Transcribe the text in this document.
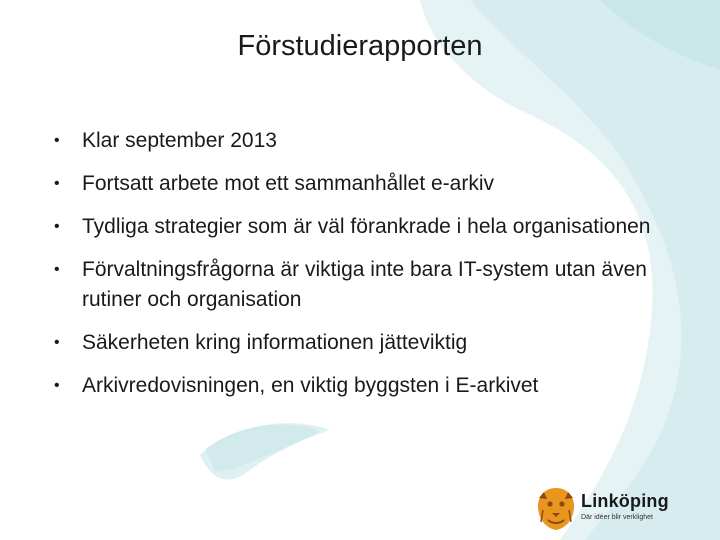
Förstudierapporten
• Klar september 2013
• Fortsatt arbete mot ett sammanhållet e-arkiv
• Tydliga strategier som är väl förankrade i hela organisationen
• Förvaltningsfrågorna är viktiga inte bara IT-system utan även rutiner och organisation
• Säkerheten kring informationen jätteviktig
• Arkivredovisningen, en viktig byggsten i E-arkivet
Linköping
Där idéer blir verklighet
